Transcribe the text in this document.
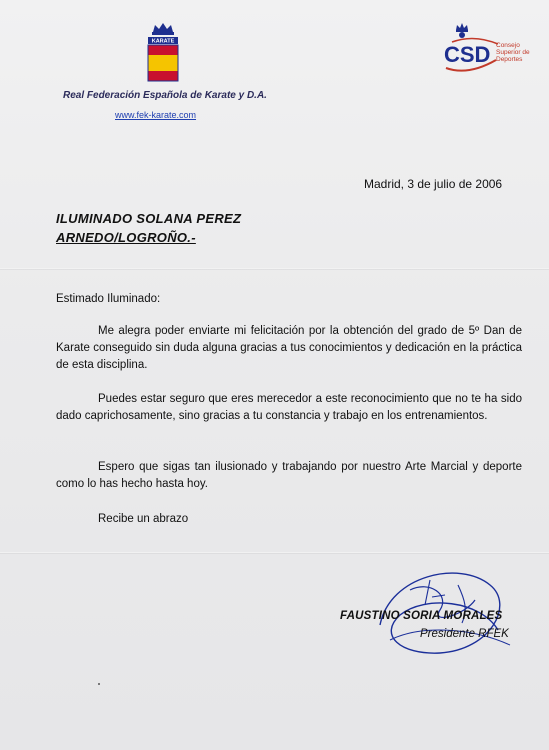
KARATE
Real Federación Española de Karate y D.A.
www.fek-karate.com
CSD Consejo
Superior de
Deportes
Madrid, 3 de julio de 2006
ILUMINADO SOLANA PEREZ
ARNEDO/LOGROÑO.-

Estimado Iluminado:

Me alegra poder enviarte mi felicitación por la obtención del grado de 5º Dan de Karate conseguido sin duda alguna gracias a tus conocimientos y dedicación en la práctica de esta disciplina.

Puedes estar seguro que eres merecedor a este reconocimiento que no te ha sido dado caprichosamente, sino gracias a tu constancia y trabajo en los entrenamientos.

Espero que sigas tan ilusionado y trabajando por nuestro Arte Marcial y deporte como lo has hecho hasta hoy.

Recibe un abrazo

FAUSTINO SORIA MORALES
Presidente RFEK
